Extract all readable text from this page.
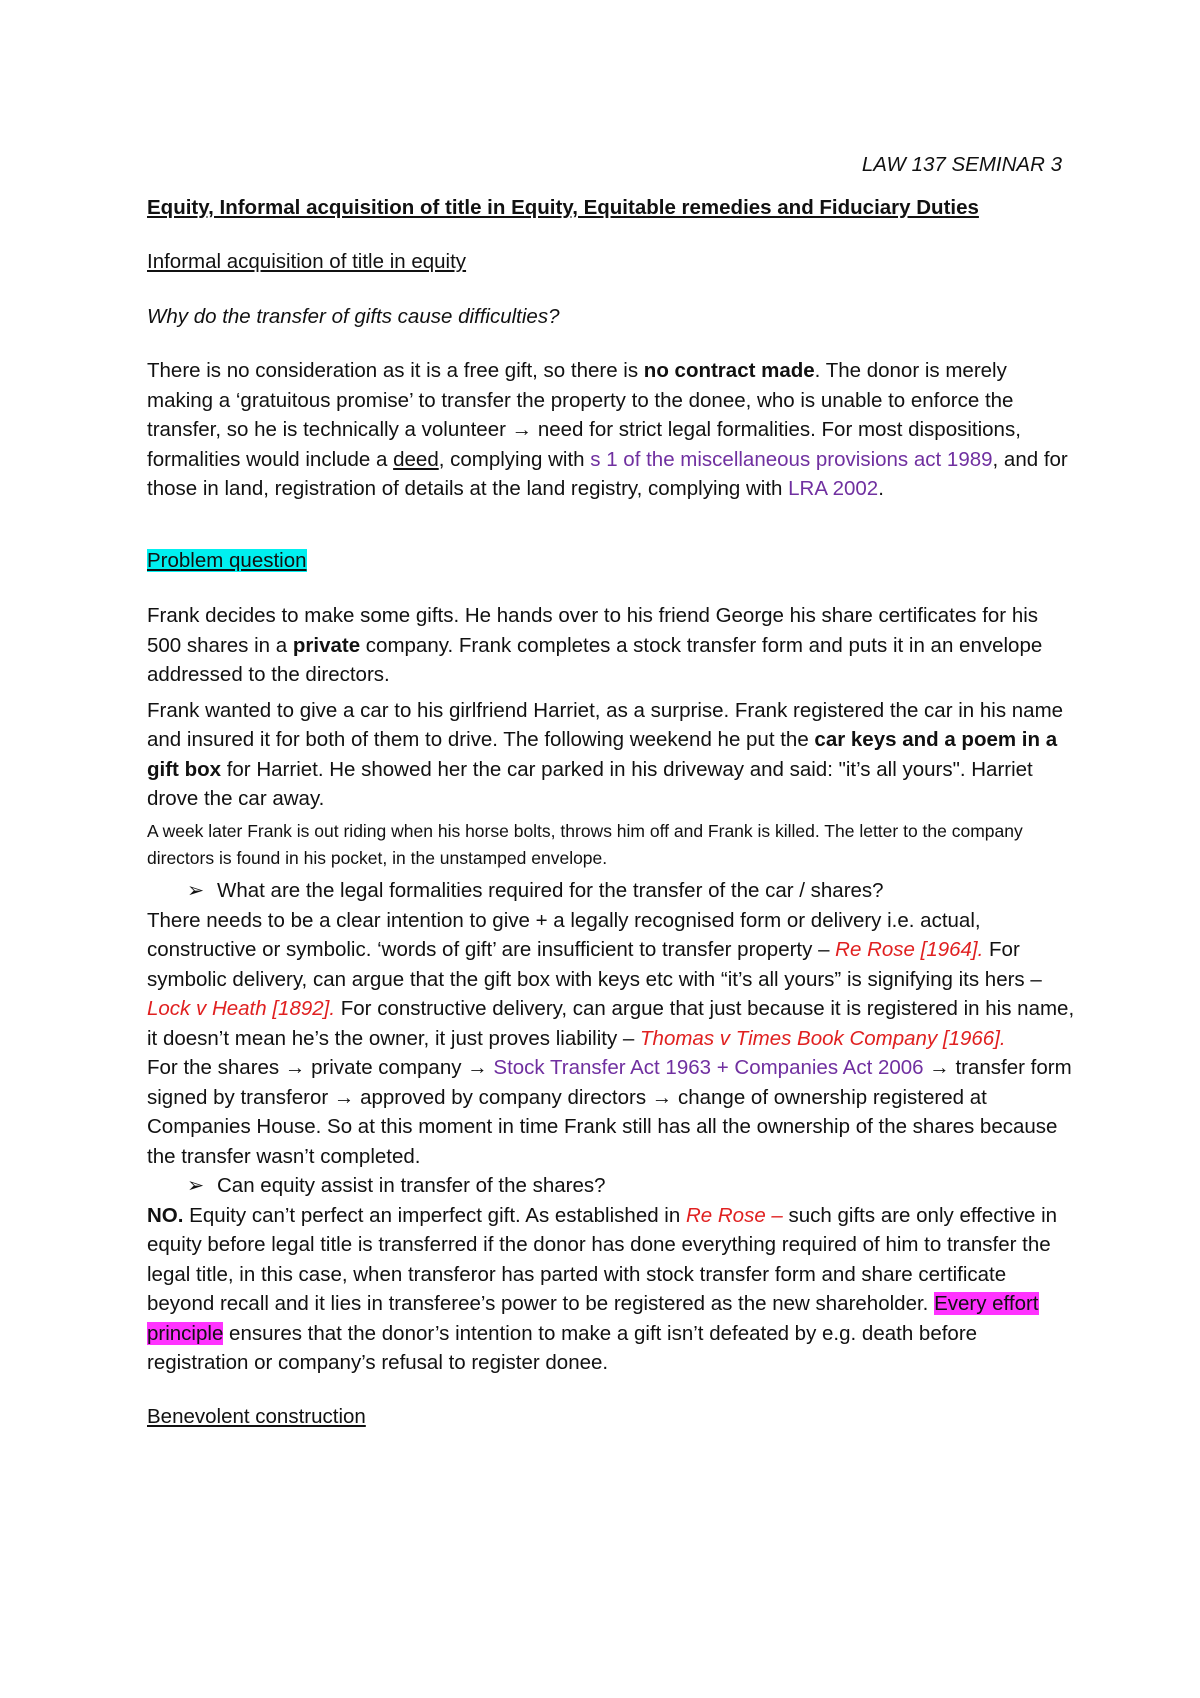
LAW 137 SEMINAR 3

Equity, Informal acquisition of title in Equity, Equitable remedies and Fiduciary Duties

Informal acquisition of title in equity

Why do the transfer of gifts cause difficulties?

There is no consideration as it is a free gift, so there is no contract made. The donor is merely making a ‘gratuitous promise’ to transfer the property to the donee, who is unable to enforce the transfer, so he is technically a volunteer → need for strict legal formalities. For most dispositions, formalities would include a deed, complying with s 1 of the miscellaneous provisions act 1989, and for those in land, registration of details at the land registry, complying with LRA 2002.

Problem question

Frank decides to make some gifts. He hands over to his friend George his share certificates for his 500 shares in a private company. Frank completes a stock transfer form and puts it in an envelope addressed to the directors.

Frank wanted to give a car to his girlfriend Harriet, as a surprise. Frank registered the car in his name and insured it for both of them to drive. The following weekend he put the car keys and a poem in a gift box for Harriet. He showed her the car parked in his driveway and said: "it’s all yours". Harriet drove the car away.

A week later Frank is out riding when his horse bolts, throws him off and Frank is killed. The letter to the company directors is found in his pocket, in the unstamped envelope.

➢ What are the legal formalities required for the transfer of the car / shares?

There needs to be a clear intention to give + a legally recognised form or delivery i.e. actual, constructive or symbolic. ‘words of gift’ are insufficient to transfer property – Re Rose [1964]. For symbolic delivery, can argue that the gift box with keys etc with “it’s all yours” is signifying its hers – Lock v Heath [1892]. For constructive delivery, can argue that just because it is registered in his name, it doesn’t mean he’s the owner, it just proves liability – Thomas v Times Book Company [1966].

For the shares → private company → Stock Transfer Act 1963 + Companies Act 2006 → transfer form signed by transferor → approved by company directors → change of ownership registered at Companies House. So at this moment in time Frank still has all the ownership of the shares because the transfer wasn’t completed.

➢ Can equity assist in transfer of the shares?

NO. Equity can’t perfect an imperfect gift. As established in Re Rose – such gifts are only effective in equity before legal title is transferred if the donor has done everything required of him to transfer the legal title, in this case, when transferor has parted with stock transfer form and share certificate beyond recall and it lies in transferee’s power to be registered as the new shareholder. Every effort principle ensures that the donor’s intention to make a gift isn’t defeated by e.g. death before registration or company’s refusal to register donee.

Benevolent construction
